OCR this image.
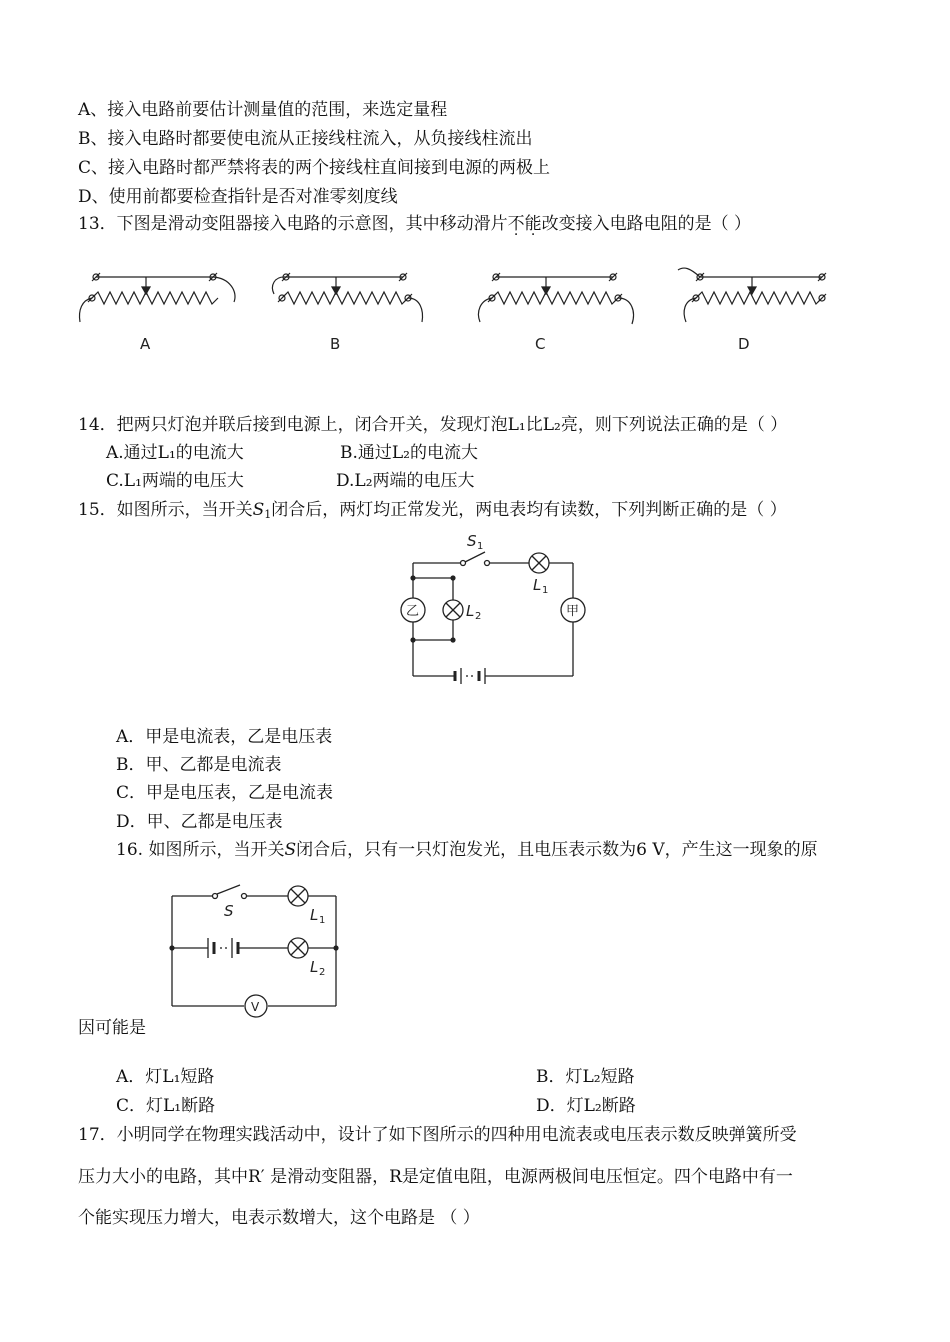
A、接入电路前要估计测量值的范围，来选定量程
B、接入电路时都要使电流从正接线柱流入，从负接线柱流出
C、接入电路时都严禁将表的两个接线柱直间接到电源的两极上
D、使用前都要检查指针是否对准零刻度线
13．下图是滑动变阻器接入电路的示意图，其中移动滑片不能改变接入电路电阻的是（ ）
A	B	C	D
14．把两只灯泡并联后接到电源上，闭合开关，发现灯泡L₁比L₂亮，则下列说法正确的是（ ）
A.通过L₁的电流大	B.通过L₂的电流大
C.L₁两端的电压大	D.L₂两端的电压大
15．如图所示，当开关$S_1$闭合后，两灯均正常发光，两电表均有读数，下列判断正确的是（ ）
S 1
L 1
L 2	甲
乙
A．甲是电流表，乙是电压表
B．甲、乙都是电流表
C．甲是电压表，乙是电流表
D．甲、乙都是电压表
16. 如图所示，当开关S闭合后，只有一只灯泡发光，且电压表示数为6 V，产生这一现象的原
S	L 1
L 2
V
因可能是
A．灯L₁短路	B．灯L₂短路
C．灯L₁断路	D．灯L₂断路
17．小明同学在物理实践活动中，设计了如下图所示的四种用电流表或电压表示数反映弹簧所受
压力大小的电路，其中R′ 是滑动变阻器，R是定值电阻，电源两极间电压恒定。四个电路中有一
个能实现压力增大，电表示数增大，这个电路是 （ ）
